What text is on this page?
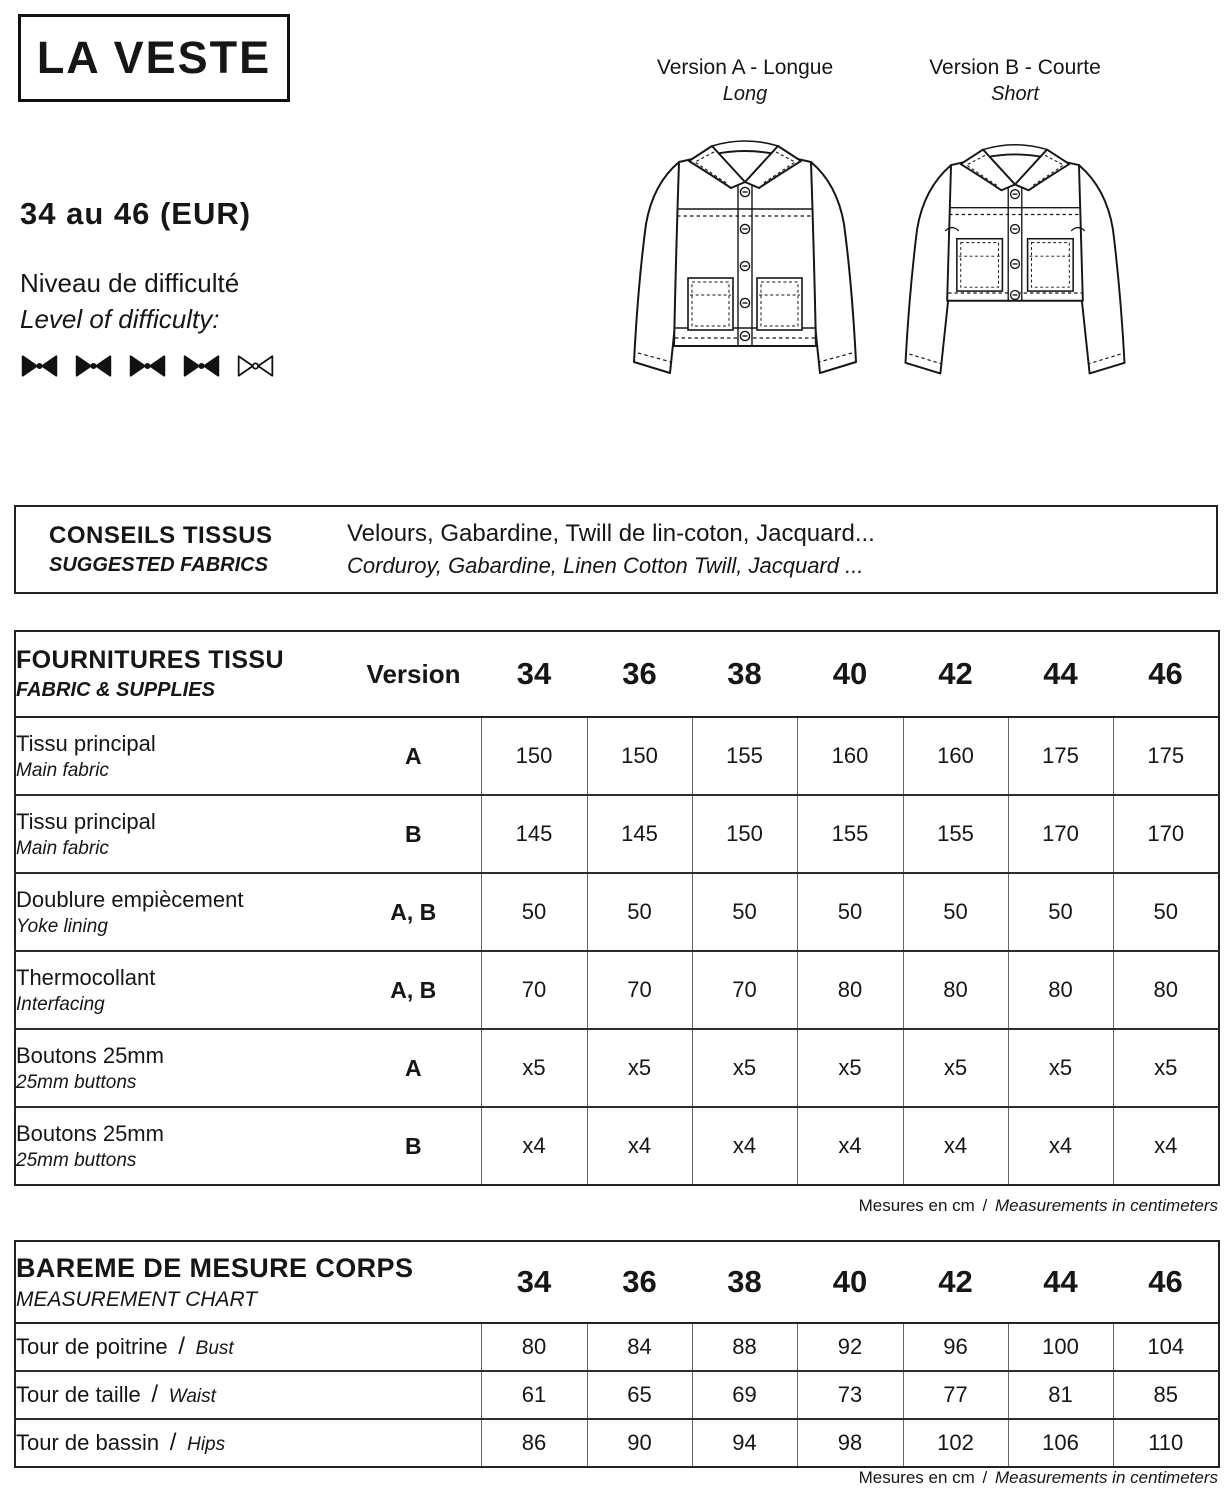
LA VESTE
34 au 46 (EUR)
Niveau de difficulté
Level of difficulty:
Version A - Longue
Long
Version B - Courte
Short
CONSEILS TISSUS
SUGGESTED FABRICS
Velours, Gabardine, Twill de lin-coton, Jacquard...
Corduroy, Gabardine, Linen Cotton Twill, Jacquard ...
FOURNITURES TISSU
FABRIC & SUPPLIES	Version	34	36	38	40	42	44	46

Tissu principal
Main fabric	A	150	150	155	160	160	175	175

Tissu principal
Main fabric	B	145	145	150	155	155	170	170

Doublure empiècement
Yoke lining	A, B	50	50	50	50	50	50	50

Thermocollant
Interfacing	A, B	70	70	70	80	80	80	80

Boutons 25mm
25mm buttons	A	x5	x5	x5	x5	x5	x5	x5

Boutons 25mm
25mm buttons	B	x4	x4	x4	x4	x4	x4	x4
Mesures en cm / Measurements in centimeters
BAREME DE MESURE CORPS
MEASUREMENT CHART	34	36	38	40	42	44	46
Tour de poitrine / Bust	80	84	88	92	96	100	104
Tour de taille / Waist	61	65	69	73	77	81	85
Tour de bassin / Hips	86	90	94	98	102	106	110
Mesures en cm / Measurements in centimeters
